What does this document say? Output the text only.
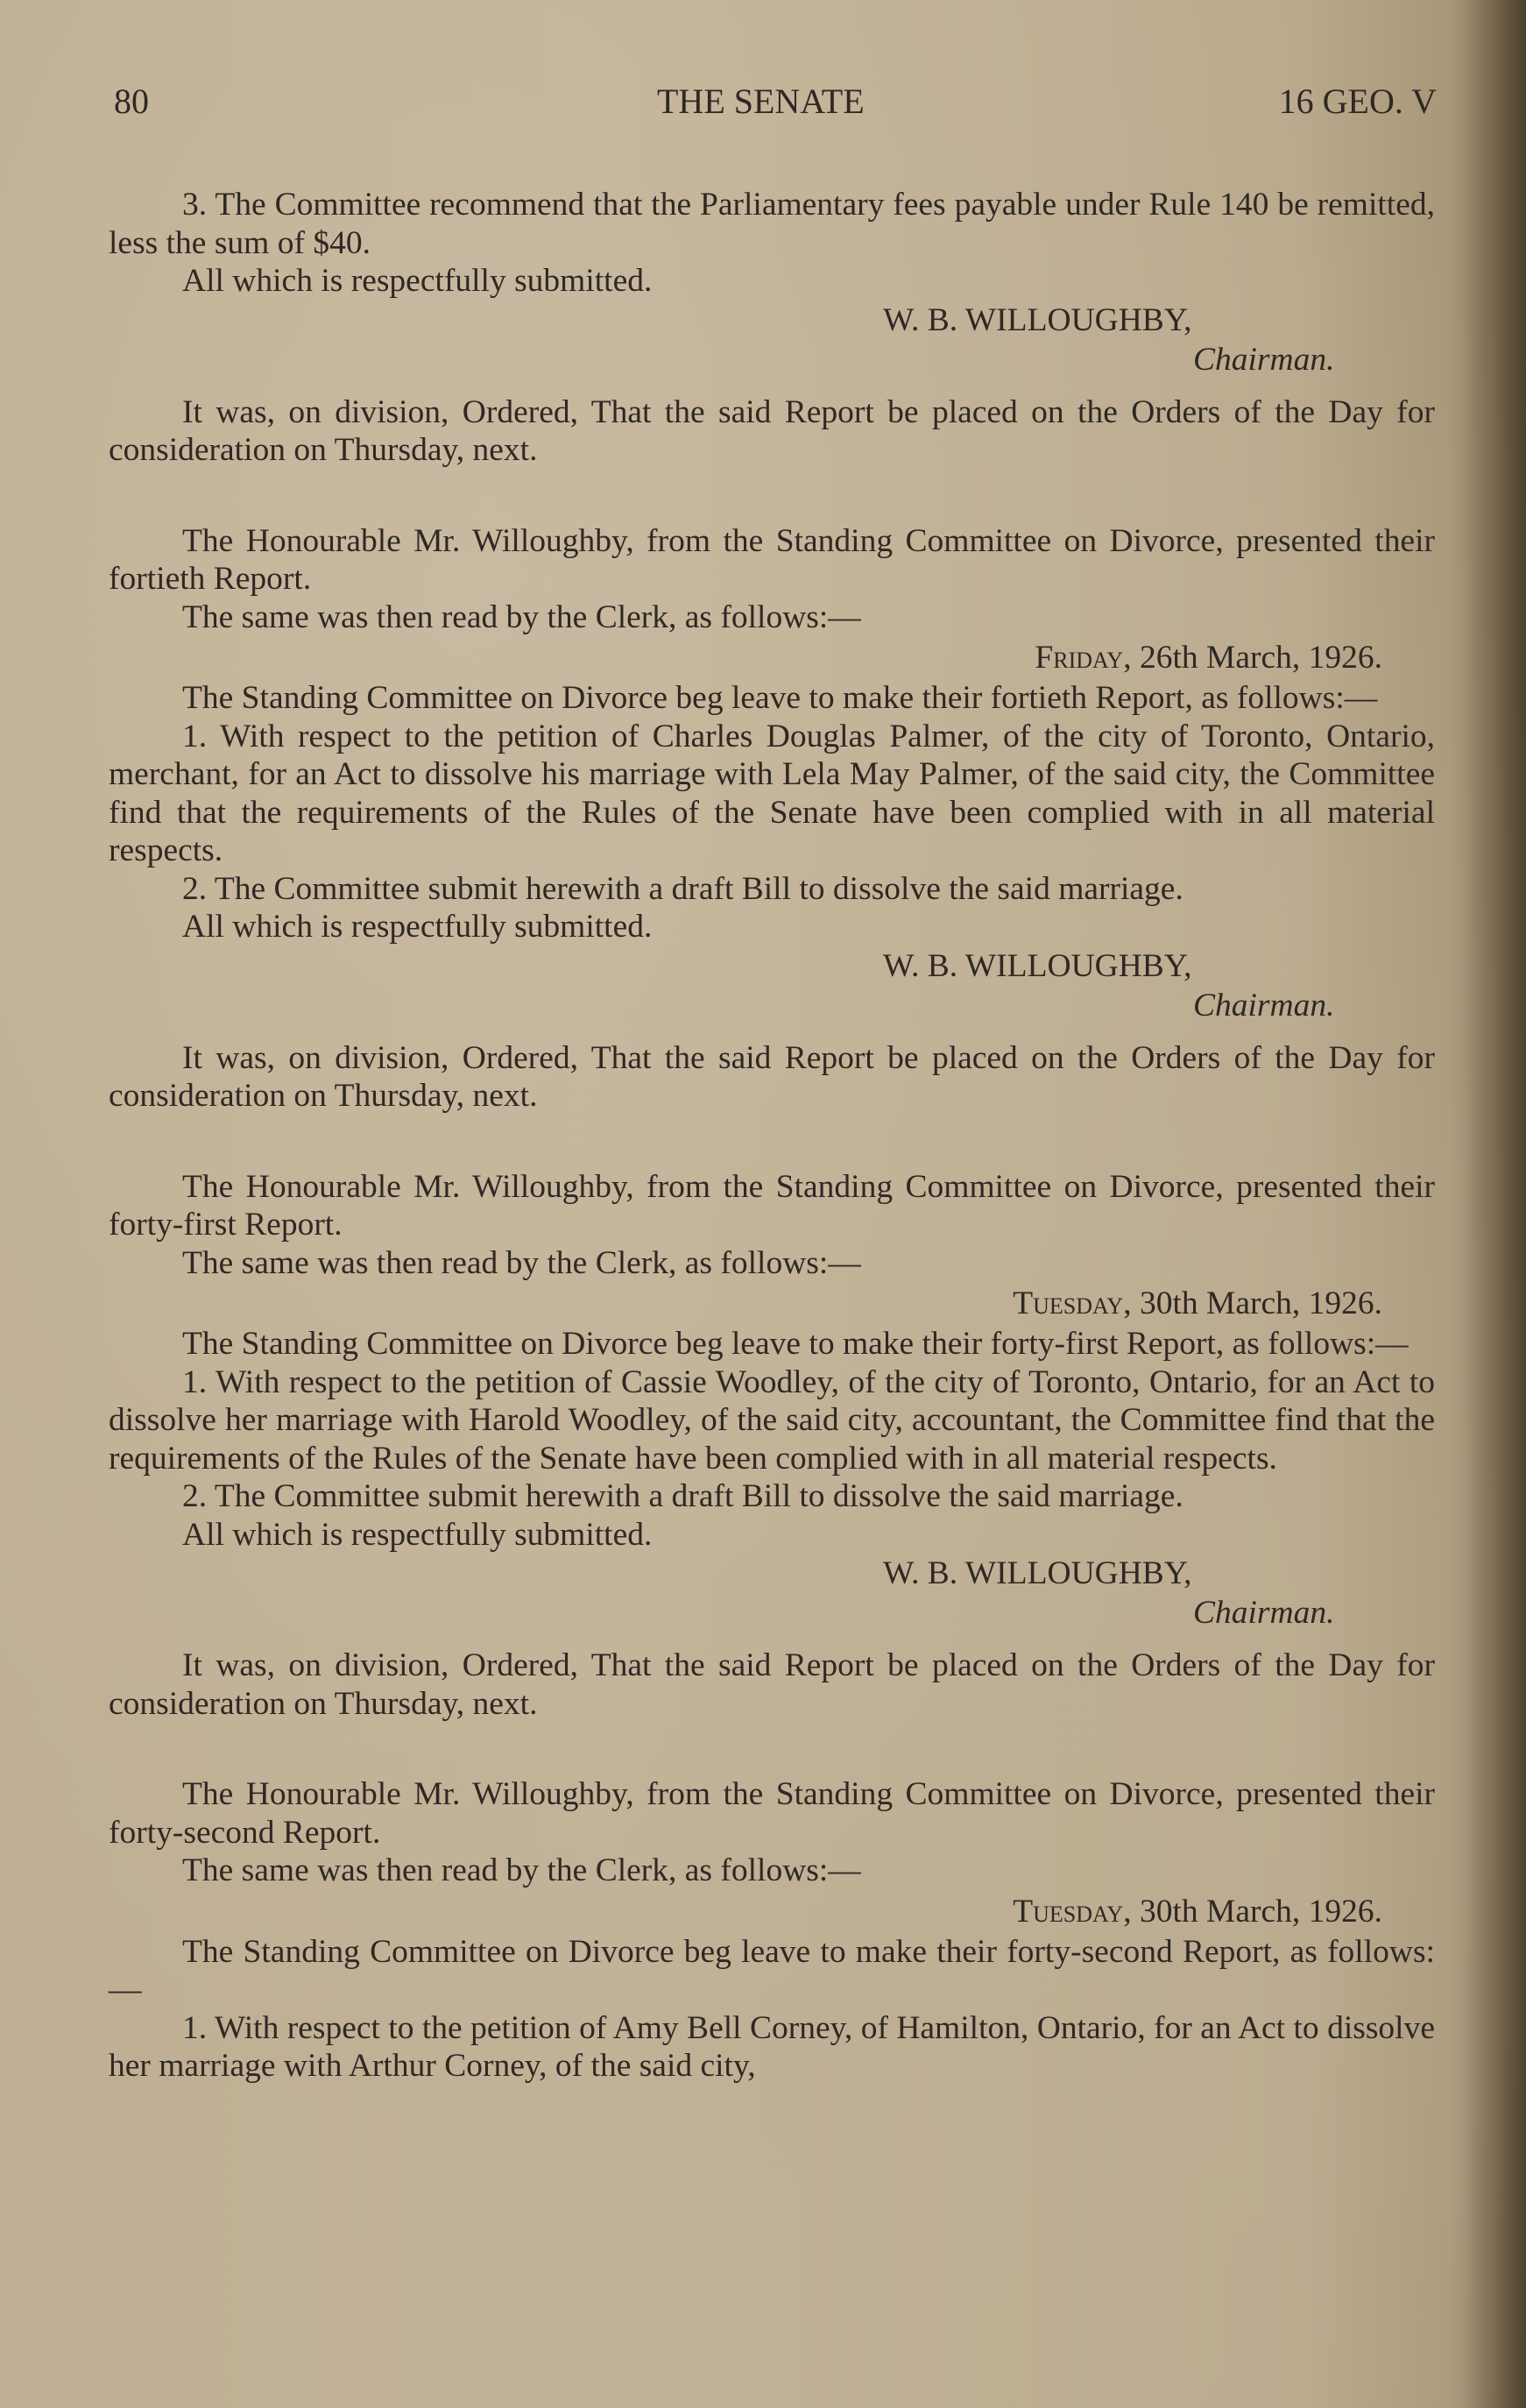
80	THE SENATE	16 GEO. V

3. The Committee recommend that the Parliamentary fees payable under Rule 140 be remitted, less the sum of $40.

All which is respectfully submitted.

W. B. WILLOUGHBY,

Chairman.

It was, on division, Ordered, That the said Report be placed on the Orders of the Day for consideration on Thursday, next.

The Honourable Mr. Willoughby, from the Standing Committee on Divorce, presented their fortieth Report.

The same was then read by the Clerk, as follows:—

Friday, 26th March, 1926.

The Standing Committee on Divorce beg leave to make their fortieth Report, as follows:—

1. With respect to the petition of Charles Douglas Palmer, of the city of Toronto, Ontario, merchant, for an Act to dissolve his marriage with Lela May Palmer, of the said city, the Committee find that the requirements of the Rules of the Senate have been complied with in all material respects.

2. The Committee submit herewith a draft Bill to dissolve the said marriage.

All which is respectfully submitted.

W. B. WILLOUGHBY,

Chairman.

It was, on division, Ordered, That the said Report be placed on the Orders of the Day for consideration on Thursday, next.

The Honourable Mr. Willoughby, from the Standing Committee on Divorce, presented their forty-first Report.

The same was then read by the Clerk, as follows:—

Tuesday, 30th March, 1926.

The Standing Committee on Divorce beg leave to make their forty-first Report, as follows:—

1. With respect to the petition of Cassie Woodley, of the city of Toronto, Ontario, for an Act to dissolve her marriage with Harold Woodley, of the said city, accountant, the Committee find that the requirements of the Rules of the Senate have been complied with in all material respects.

2. The Committee submit herewith a draft Bill to dissolve the said marriage.

All which is respectfully submitted.

W. B. WILLOUGHBY,

Chairman.

It was, on division, Ordered, That the said Report be placed on the Orders of the Day for consideration on Thursday, next.

The Honourable Mr. Willoughby, from the Standing Committee on Divorce, presented their forty-second Report.

The same was then read by the Clerk, as follows:—

Tuesday, 30th March, 1926.

The Standing Committee on Divorce beg leave to make their forty-second Report, as follows:—

1. With respect to the petition of Amy Bell Corney, of Hamilton, Ontario, for an Act to dissolve her marriage with Arthur Corney, of the said city,
